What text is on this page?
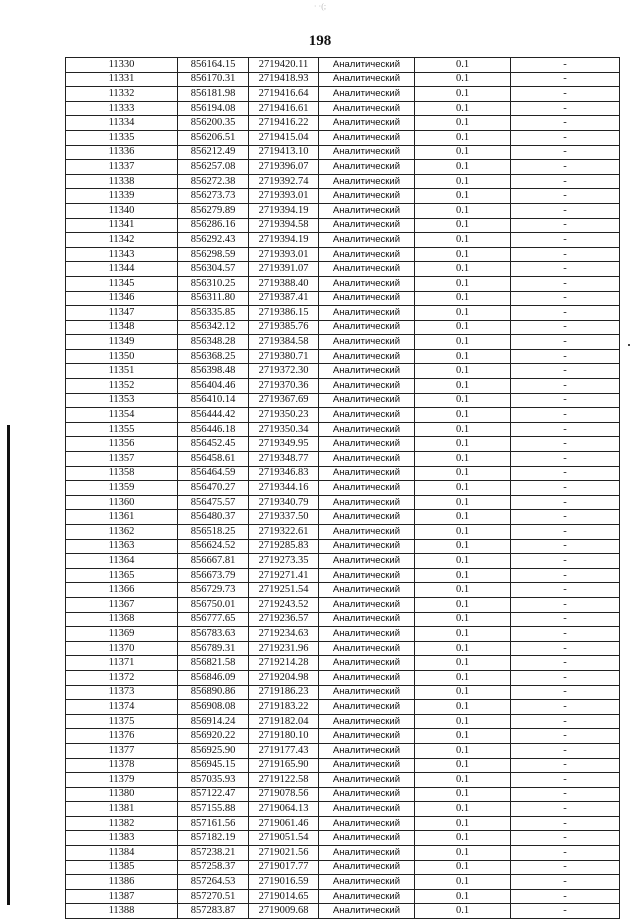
· ·(;
198
11330	856164.15	2719420.11	Аналитический	0.1	-
11331	856170.31	2719418.93	Аналитический	0.1	-
11332	856181.98	2719416.64	Аналитический	0.1	-
11333	856194.08	2719416.61	Аналитический	0.1	-
11334	856200.35	2719416.22	Аналитический	0.1	-
11335	856206.51	2719415.04	Аналитический	0.1	-
11336	856212.49	2719413.10	Аналитический	0.1	-
11337	856257.08	2719396.07	Аналитический	0.1	-
11338	856272.38	2719392.74	Аналитический	0.1	-
11339	856273.73	2719393.01	Аналитический	0.1	-
11340	856279.89	2719394.19	Аналитический	0.1	-
11341	856286.16	2719394.58	Аналитический	0.1	-
11342	856292.43	2719394.19	Аналитический	0.1	-
11343	856298.59	2719393.01	Аналитический	0.1	-
11344	856304.57	2719391.07	Аналитический	0.1	-
11345	856310.25	2719388.40	Аналитический	0.1	-
11346	856311.80	2719387.41	Аналитический	0.1	-
11347	856335.85	2719386.15	Аналитический	0.1	-
11348	856342.12	2719385.76	Аналитический	0.1	-
11349	856348.28	2719384.58	Аналитический	0.1	-
11350	856368.25	2719380.71	Аналитический	0.1	-
11351	856398.48	2719372.30	Аналитический	0.1	-
11352	856404.46	2719370.36	Аналитический	0.1	-
11353	856410.14	2719367.69	Аналитический	0.1	-
11354	856444.42	2719350.23	Аналитический	0.1	-
11355	856446.18	2719350.34	Аналитический	0.1	-
11356	856452.45	2719349.95	Аналитический	0.1	-
11357	856458.61	2719348.77	Аналитический	0.1	-
11358	856464.59	2719346.83	Аналитический	0.1	-
11359	856470.27	2719344.16	Аналитический	0.1	-
11360	856475.57	2719340.79	Аналитический	0.1	-
11361	856480.37	2719337.50	Аналитический	0.1	-
11362	856518.25	2719322.61	Аналитический	0.1	-
11363	856624.52	2719285.83	Аналитический	0.1	-
11364	856667.81	2719273.35	Аналитический	0.1	-
11365	856673.79	2719271.41	Аналитический	0.1	-
11366	856729.73	2719251.54	Аналитический	0.1	-
11367	856750.01	2719243.52	Аналитический	0.1	-
11368	856777.65	2719236.57	Аналитический	0.1	-
11369	856783.63	2719234.63	Аналитический	0.1	-
11370	856789.31	2719231.96	Аналитический	0.1	-
11371	856821.58	2719214.28	Аналитический	0.1	-
11372	856846.09	2719204.98	Аналитический	0.1	-
11373	856890.86	2719186.23	Аналитический	0.1	-
11374	856908.08	2719183.22	Аналитический	0.1	-
11375	856914.24	2719182.04	Аналитический	0.1	-
11376	856920.22	2719180.10	Аналитический	0.1	-
11377	856925.90	2719177.43	Аналитический	0.1	-
11378	856945.15	2719165.90	Аналитический	0.1	-
11379	857035.93	2719122.58	Аналитический	0.1	-
11380	857122.47	2719078.56	Аналитический	0.1	-
11381	857155.88	2719064.13	Аналитический	0.1	-
11382	857161.56	2719061.46	Аналитический	0.1	-
11383	857182.19	2719051.54	Аналитический	0.1	-
11384	857238.21	2719021.56	Аналитический	0.1	-
11385	857258.37	2719017.77	Аналитический	0.1	-
11386	857264.53	2719016.59	Аналитический	0.1	-
11387	857270.51	2719014.65	Аналитический	0.1	-
11388	857283.87	2719009.68	Аналитический	0.1	-
